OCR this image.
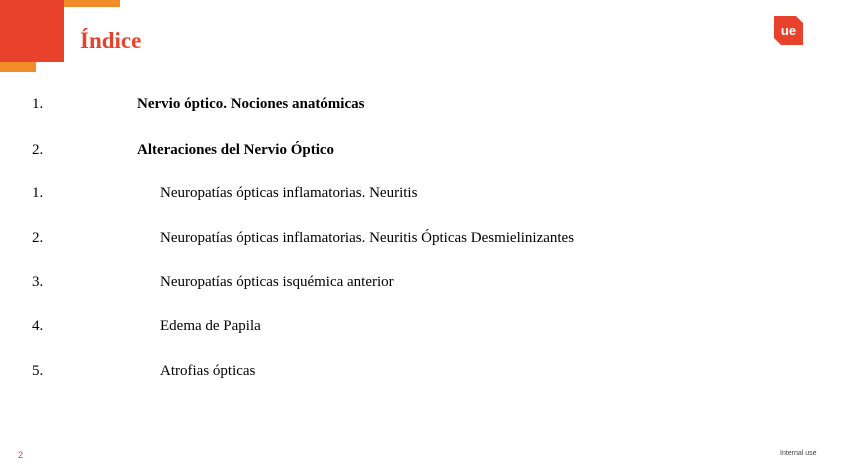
Índice	ue
1.	Nervio óptico. Nociones anatómicas
2.	Alteraciones del Nervio Óptico
1.	Neuropatías ópticas inflamatorias. Neuritis
2.	Neuropatías ópticas inflamatorias. Neuritis Ópticas Desmielinizantes
3.	Neuropatías ópticas isquémica anterior
4.	Edema de Papila
5.	Atrofias ópticas
2	Internal use
